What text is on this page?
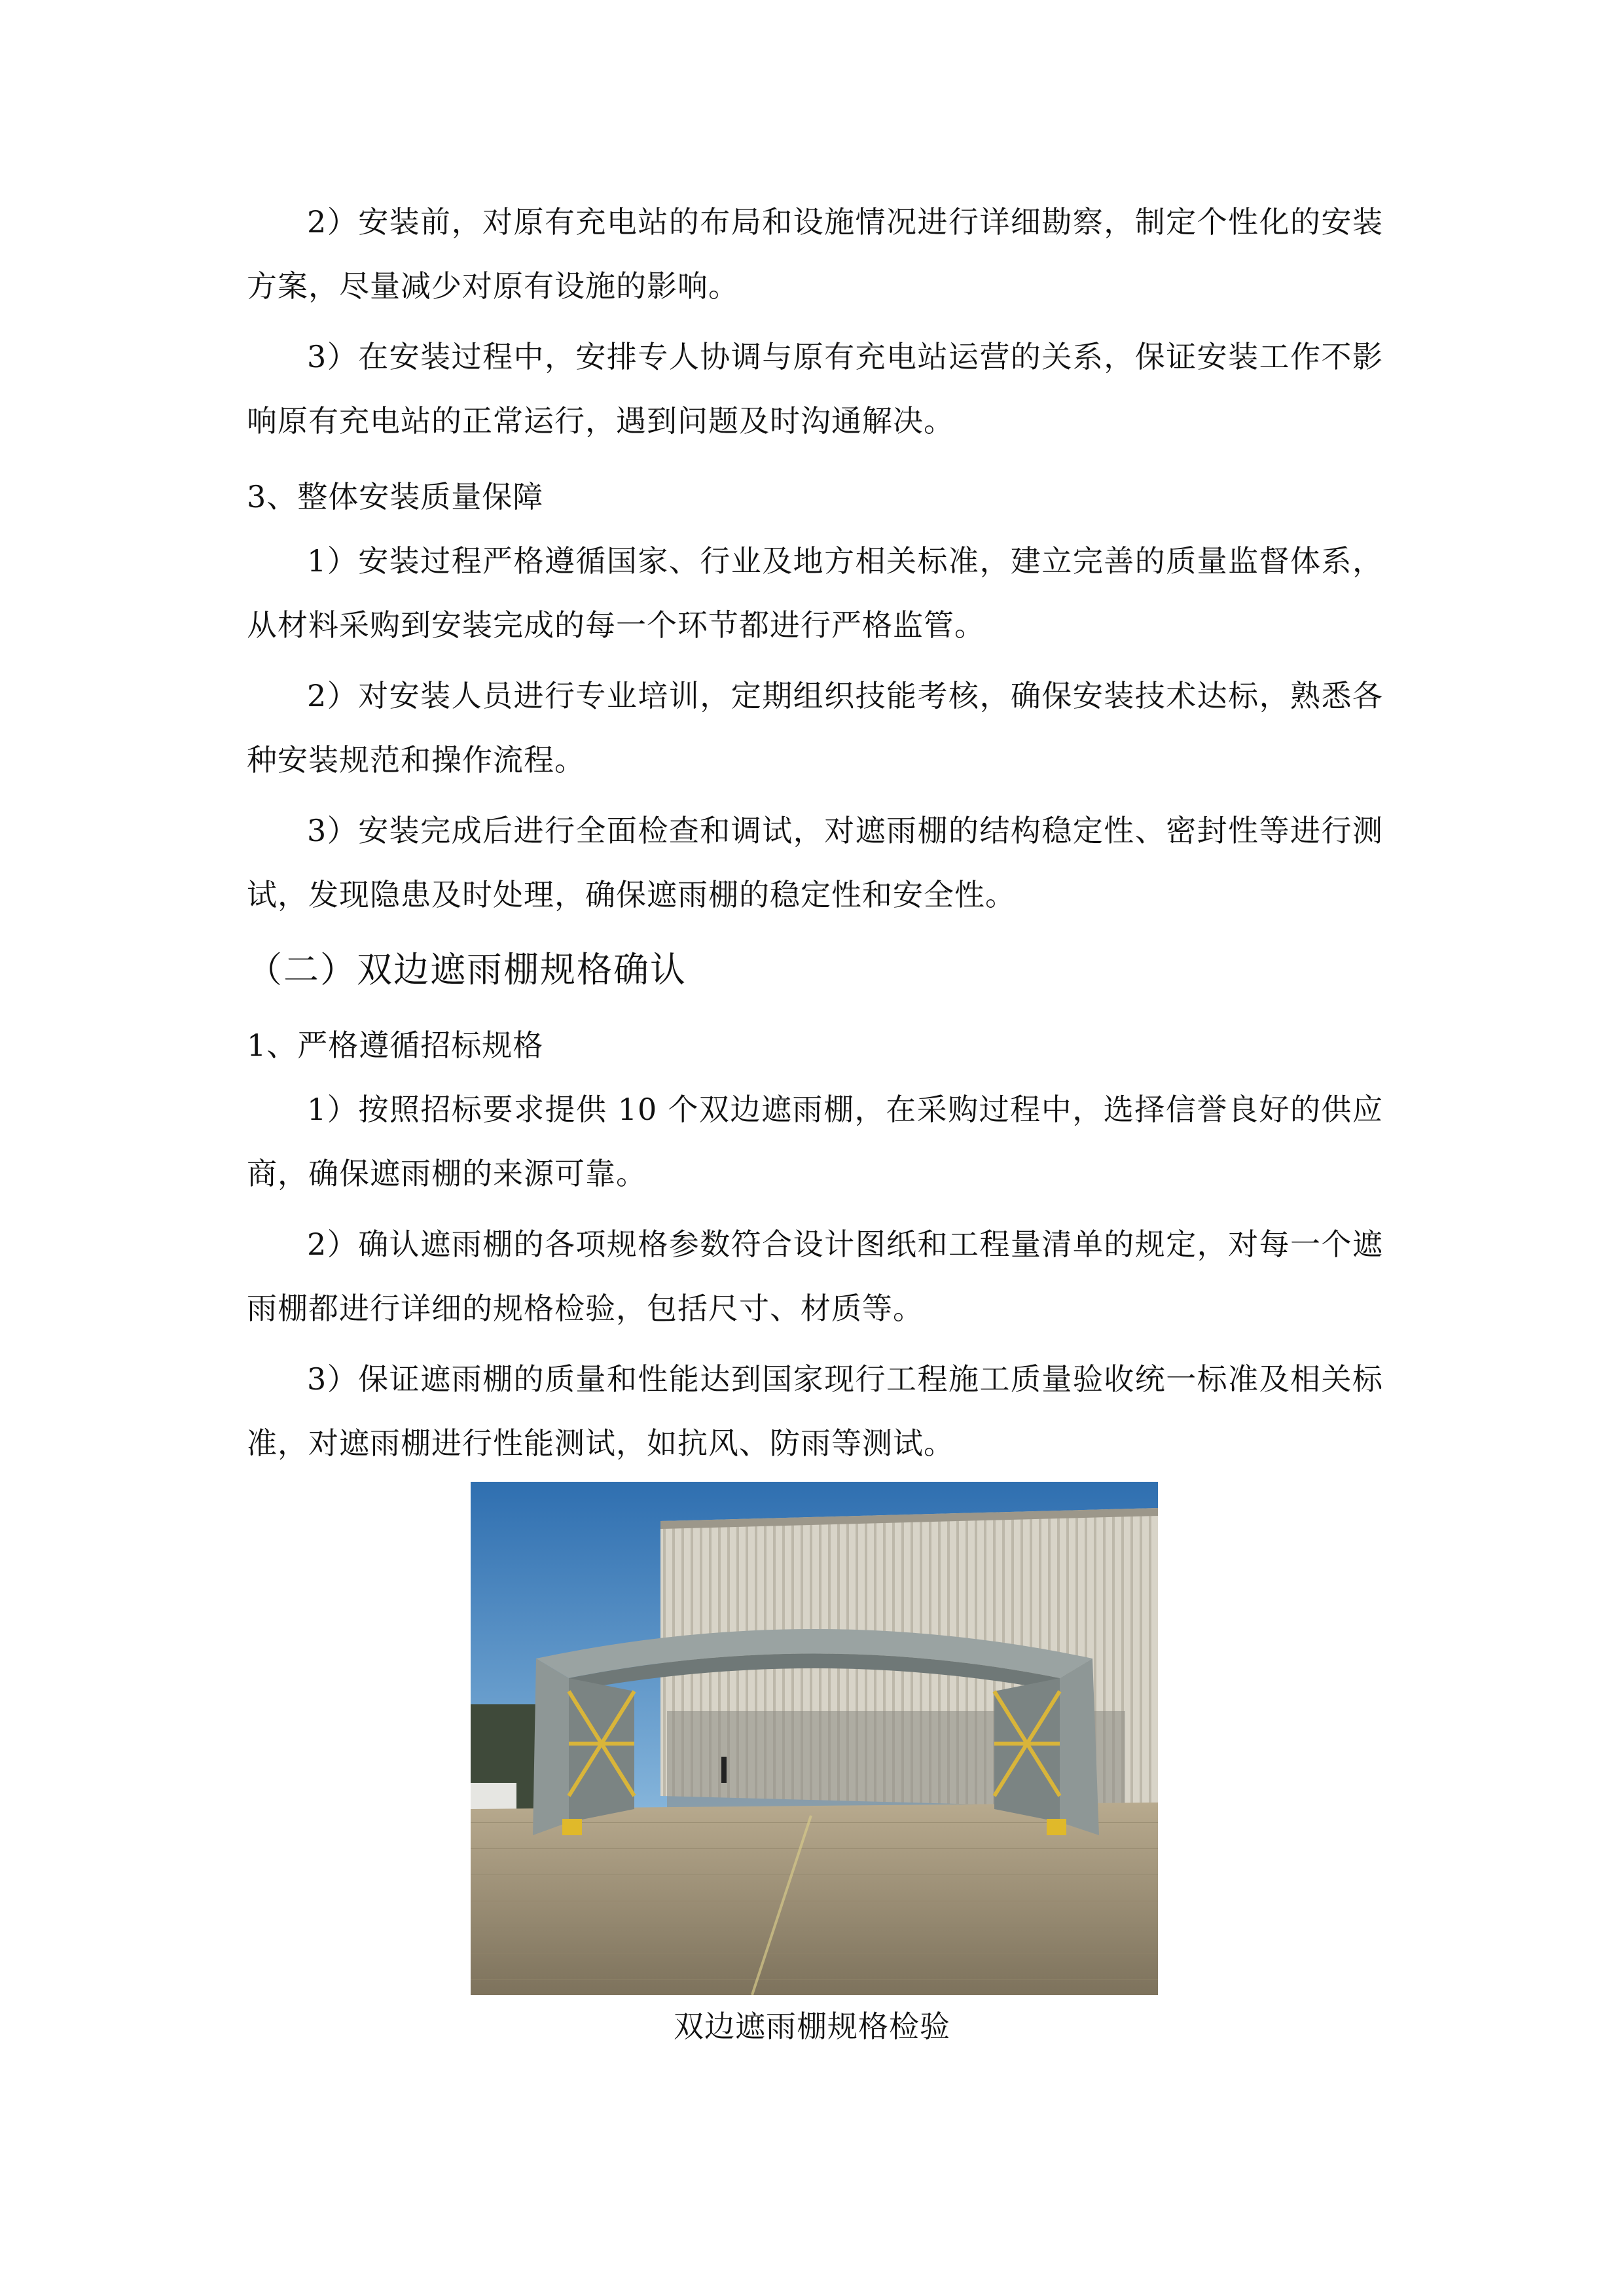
2）安装前，对原有充电站的布局和设施情况进行详细勘察，制定个性化的安装方案，尽量减少对原有设施的影响。

3）在安装过程中，安排专人协调与原有充电站运营的关系，保证安装工作不影响原有充电站的正常运行，遇到问题及时沟通解决。

3、整体安装质量保障

1）安装过程严格遵循国家、行业及地方相关标准，建立完善的质量监督体系，从材料采购到安装完成的每一个环节都进行严格监管。

2）对安装人员进行专业培训，定期组织技能考核，确保安装技术达标，熟悉各种安装规范和操作流程。

3）安装完成后进行全面检查和调试，对遮雨棚的结构稳定性、密封性等进行测试，发现隐患及时处理，确保遮雨棚的稳定性和安全性。

（二）双边遮雨棚规格确认

1、严格遵循招标规格

1）按照招标要求提供 10 个双边遮雨棚，在采购过程中，选择信誉良好的供应商，确保遮雨棚的来源可靠。

2）确认遮雨棚的各项规格参数符合设计图纸和工程量清单的规定，对每一个遮雨棚都进行详细的规格检验，包括尺寸、材质等。

3）保证遮雨棚的质量和性能达到国家现行工程施工质量验收统一标准及相关标准，对遮雨棚进行性能测试，如抗风、防雨等测试。

双边遮雨棚规格检验
